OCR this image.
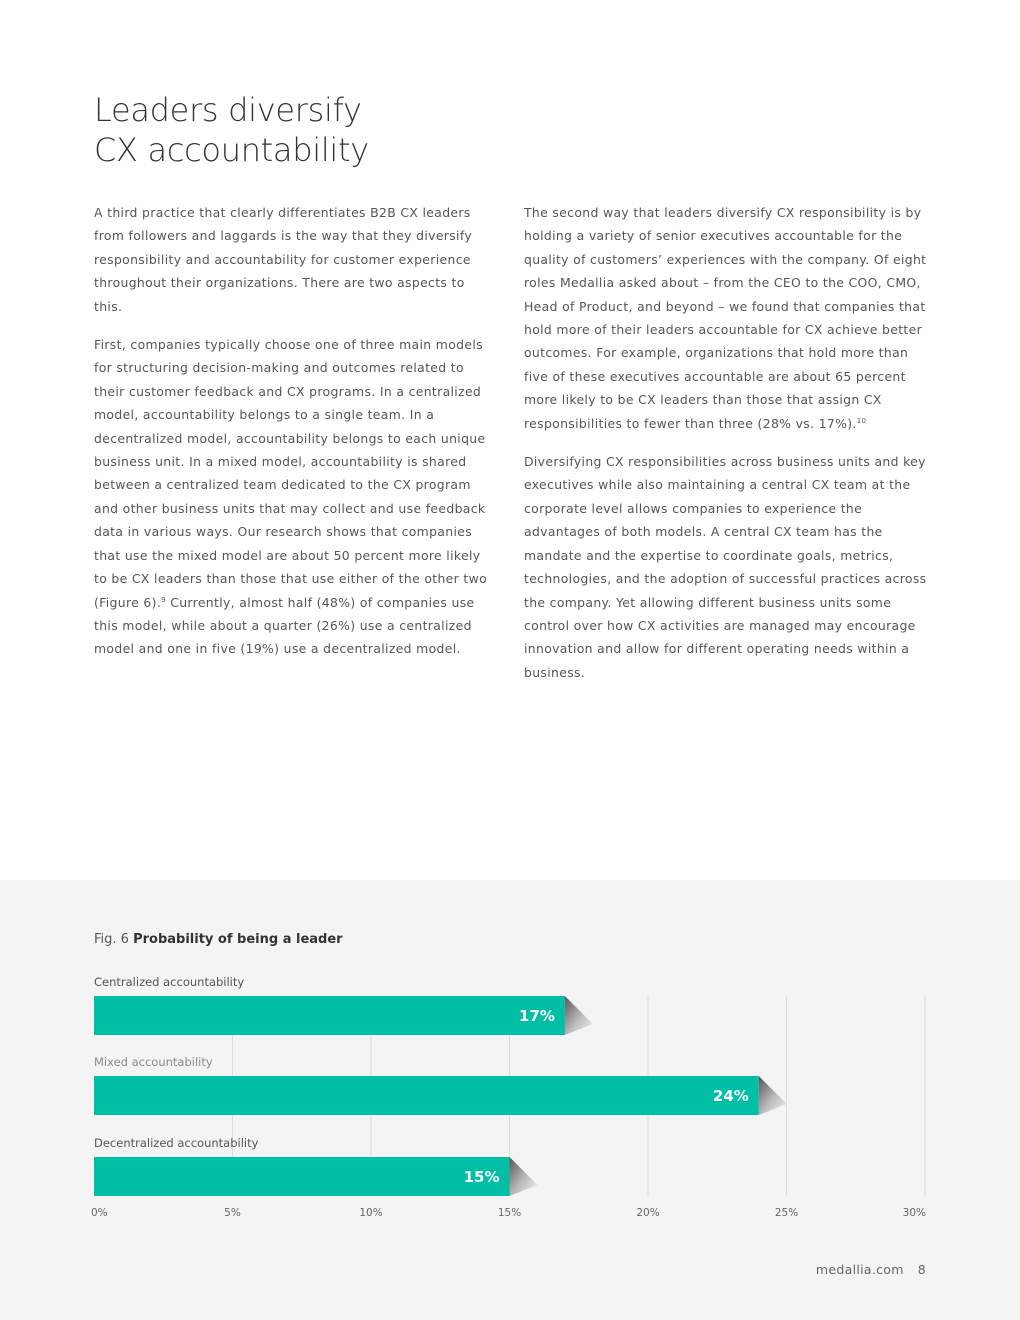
Leaders diversify
CX accountability

A third practice that clearly differentiates B2B CX leaders from followers and laggards is the way that they diversify responsibility and accountability for customer experience throughout their organizations. There are two aspects to this.

First, companies typically choose one of three main models for structuring decision-making and outcomes related to their customer feedback and CX programs. In a centralized model, accountability belongs to a single team. In a decentralized model, accountability belongs to each unique business unit. In a mixed model, accountability is shared between a centralized team dedicated to the CX program and other business units that may collect and use feedback data in various ways. Our research shows that companies that use the mixed model are about 50 percent more likely to be CX leaders than those that use either of the other two (Figure 6).$^9$ Currently, almost half (48%) of companies use this model, while about a quarter (26%) use a centralized model and one in five (19%) use a decentralized model.

The second way that leaders diversify CX responsibility is by holding a variety of senior executives accountable for the quality of customers’ experiences with the company. Of eight roles Medallia asked about – from the CEO to the COO, CMO, Head of Product, and beyond – we found that companies that hold more of their leaders accountable for CX achieve better outcomes. For example, organizations that hold more than five of these executives accountable are about 65 percent more likely to be CX leaders than those that assign CX responsibilities to fewer than three (28% vs. 17%).$^{10}$

Diversifying CX responsibilities across business units and key executives while also maintaining a central CX team at the corporate level allows companies to experience the advantages of both models. A central CX team has the mandate and the expertise to coordinate goals, metrics, technologies, and the adoption of successful practices across the company. Yet allowing different business units some control over how CX activities are managed may encourage innovation and allow for different operating needs within a business.

Fig. 6 Probability of being a leader
Centralized accountability
17%
Mixed accountability
24%
Decentralized accountability
15%
0%	5%	10%	15%	20%	25%	30%
medallia.com 8
